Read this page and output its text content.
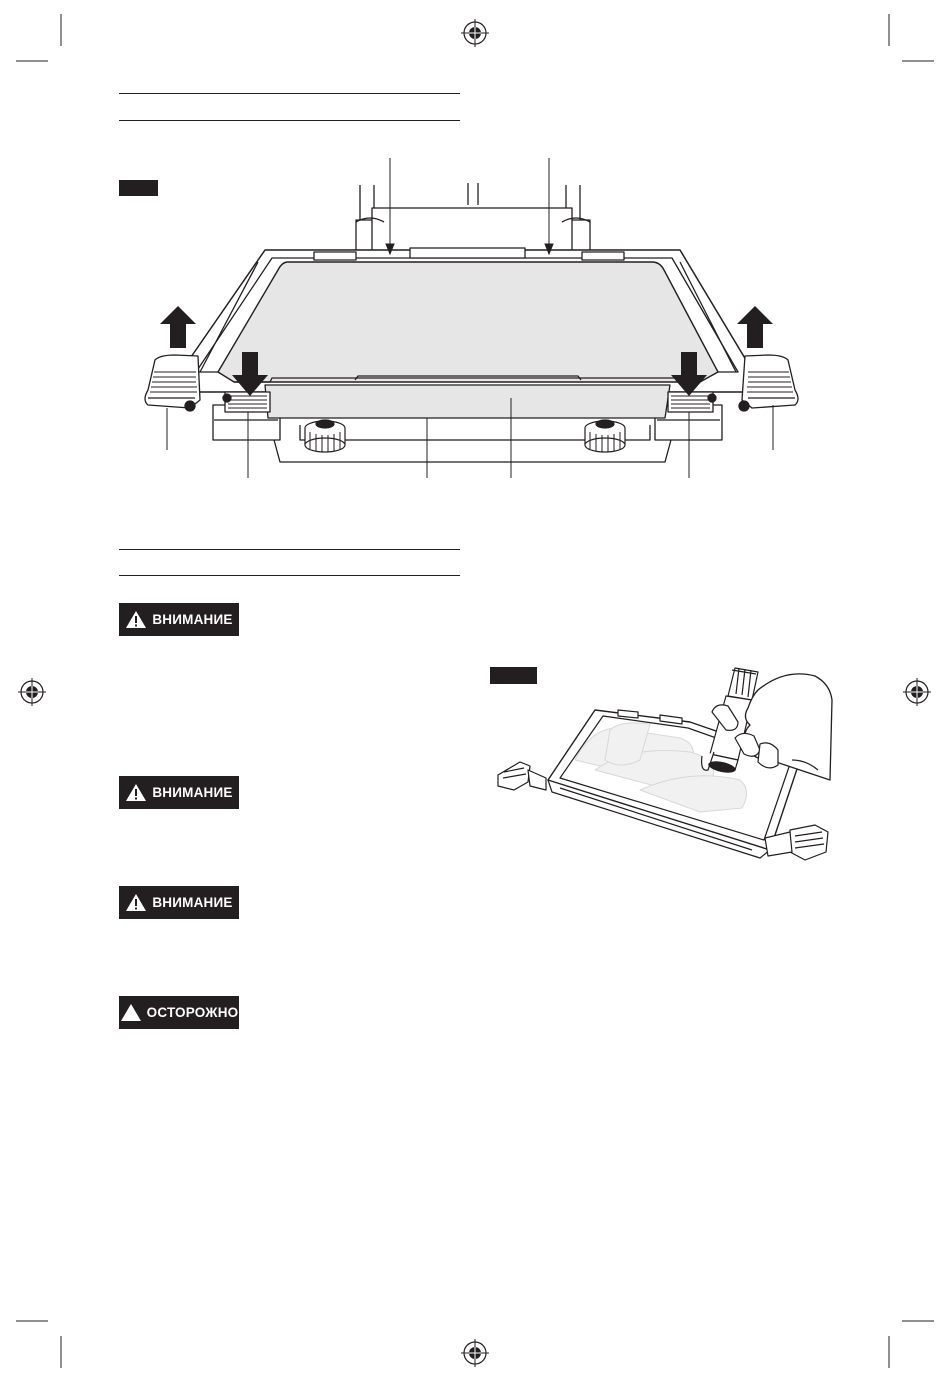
ВНИМАНИЕ
ВНИМАНИЕ
ВНИМАНИЕ
ОСТОРОЖНО
